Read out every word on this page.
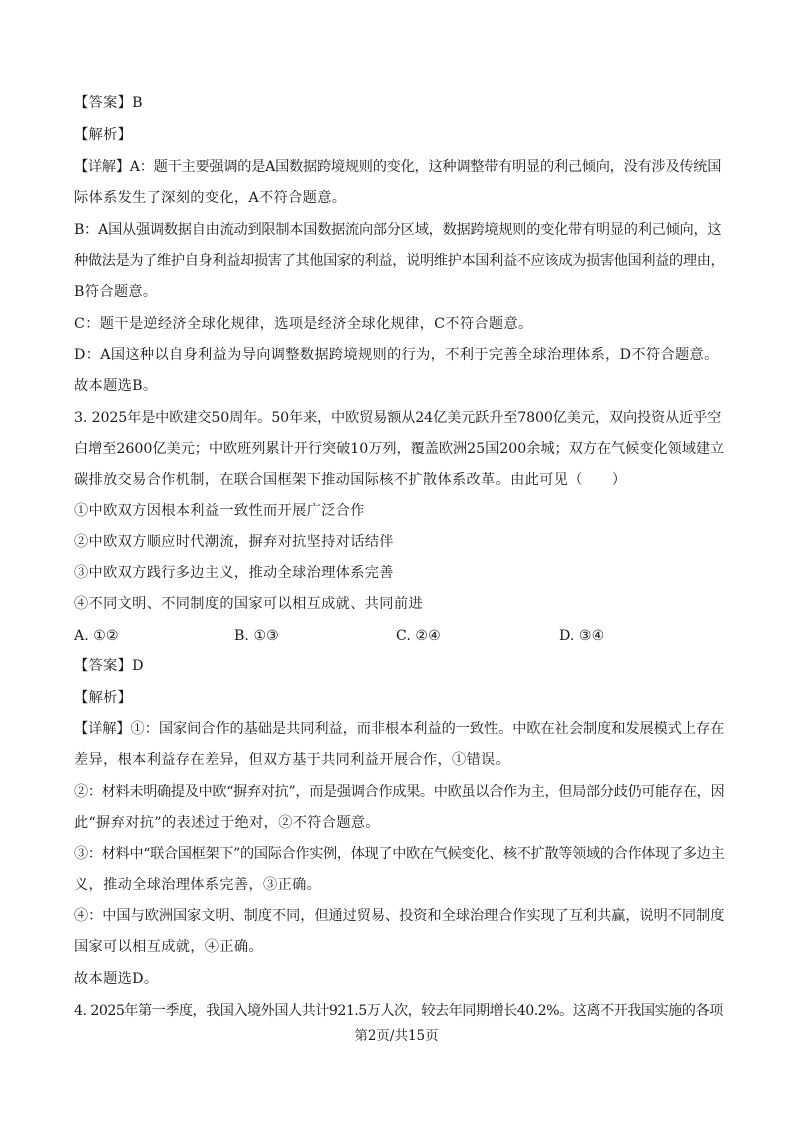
【答案】B
【解析】
【详解】A：题干主要强调的是A国数据跨境规则的变化，这种调整带有明显的利己倾向，没有涉及传统国
际体系发生了深刻的变化，A不符合题意。
B：A国从强调数据自由流动到限制本国数据流向部分区域，数据跨境规则的变化带有明显的利己倾向，这
种做法是为了维护自身利益却损害了其他国家的利益，说明维护本国利益不应该成为损害他国利益的理由，
B符合题意。
C：题干是逆经济全球化规律，选项是经济全球化规律，C不符合题意。
D：A国这种以自身利益为导向调整数据跨境规则的行为，不利于完善全球治理体系，D不符合题意。
故本题选B。
3. 2025年是中欧建交50周年。50年来，中欧贸易额从24亿美元跃升至7800亿美元，双向投资从近乎空
白增至2600亿美元；中欧班列累计开行突破10万列，覆盖欧洲25国200余城；双方在气候变化领域建立
碳排放交易合作机制，在联合国框架下推动国际核不扩散体系改革。由此可见（　　）
①中欧双方因根本利益一致性而开展广泛合作
②中欧双方顺应时代潮流，摒弃对抗坚持对话结伴
③中欧双方践行多边主义，推动全球治理体系完善
④不同文明、不同制度的国家可以相互成就、共同前进
A. ①②	B. ①③	C. ②④	D. ③④
【答案】D
【解析】
【详解】①：国家间合作的基础是共同利益，而非根本利益的一致性。中欧在社会制度和发展模式上存在
差异，根本利益存在差异，但双方基于共同利益开展合作，①错误。
②：材料未明确提及中欧“摒弃对抗”，而是强调合作成果。中欧虽以合作为主，但局部分歧仍可能存在，因
此“摒弃对抗”的表述过于绝对，②不符合题意。
③：材料中“联合国框架下”的国际合作实例，体现了中欧在气候变化、核不扩散等领域的合作体现了多边主
义，推动全球治理体系完善，③正确。
④：中国与欧洲国家文明、制度不同，但通过贸易、投资和全球治理合作实现了互利共赢，说明不同制度
国家可以相互成就，④正确。
故本题选D。
4. 2025年第一季度，我国入境外国人共计921.5万人次，较去年同期增长40.2%。这离不开我国实施的各项
第2页/共15页
